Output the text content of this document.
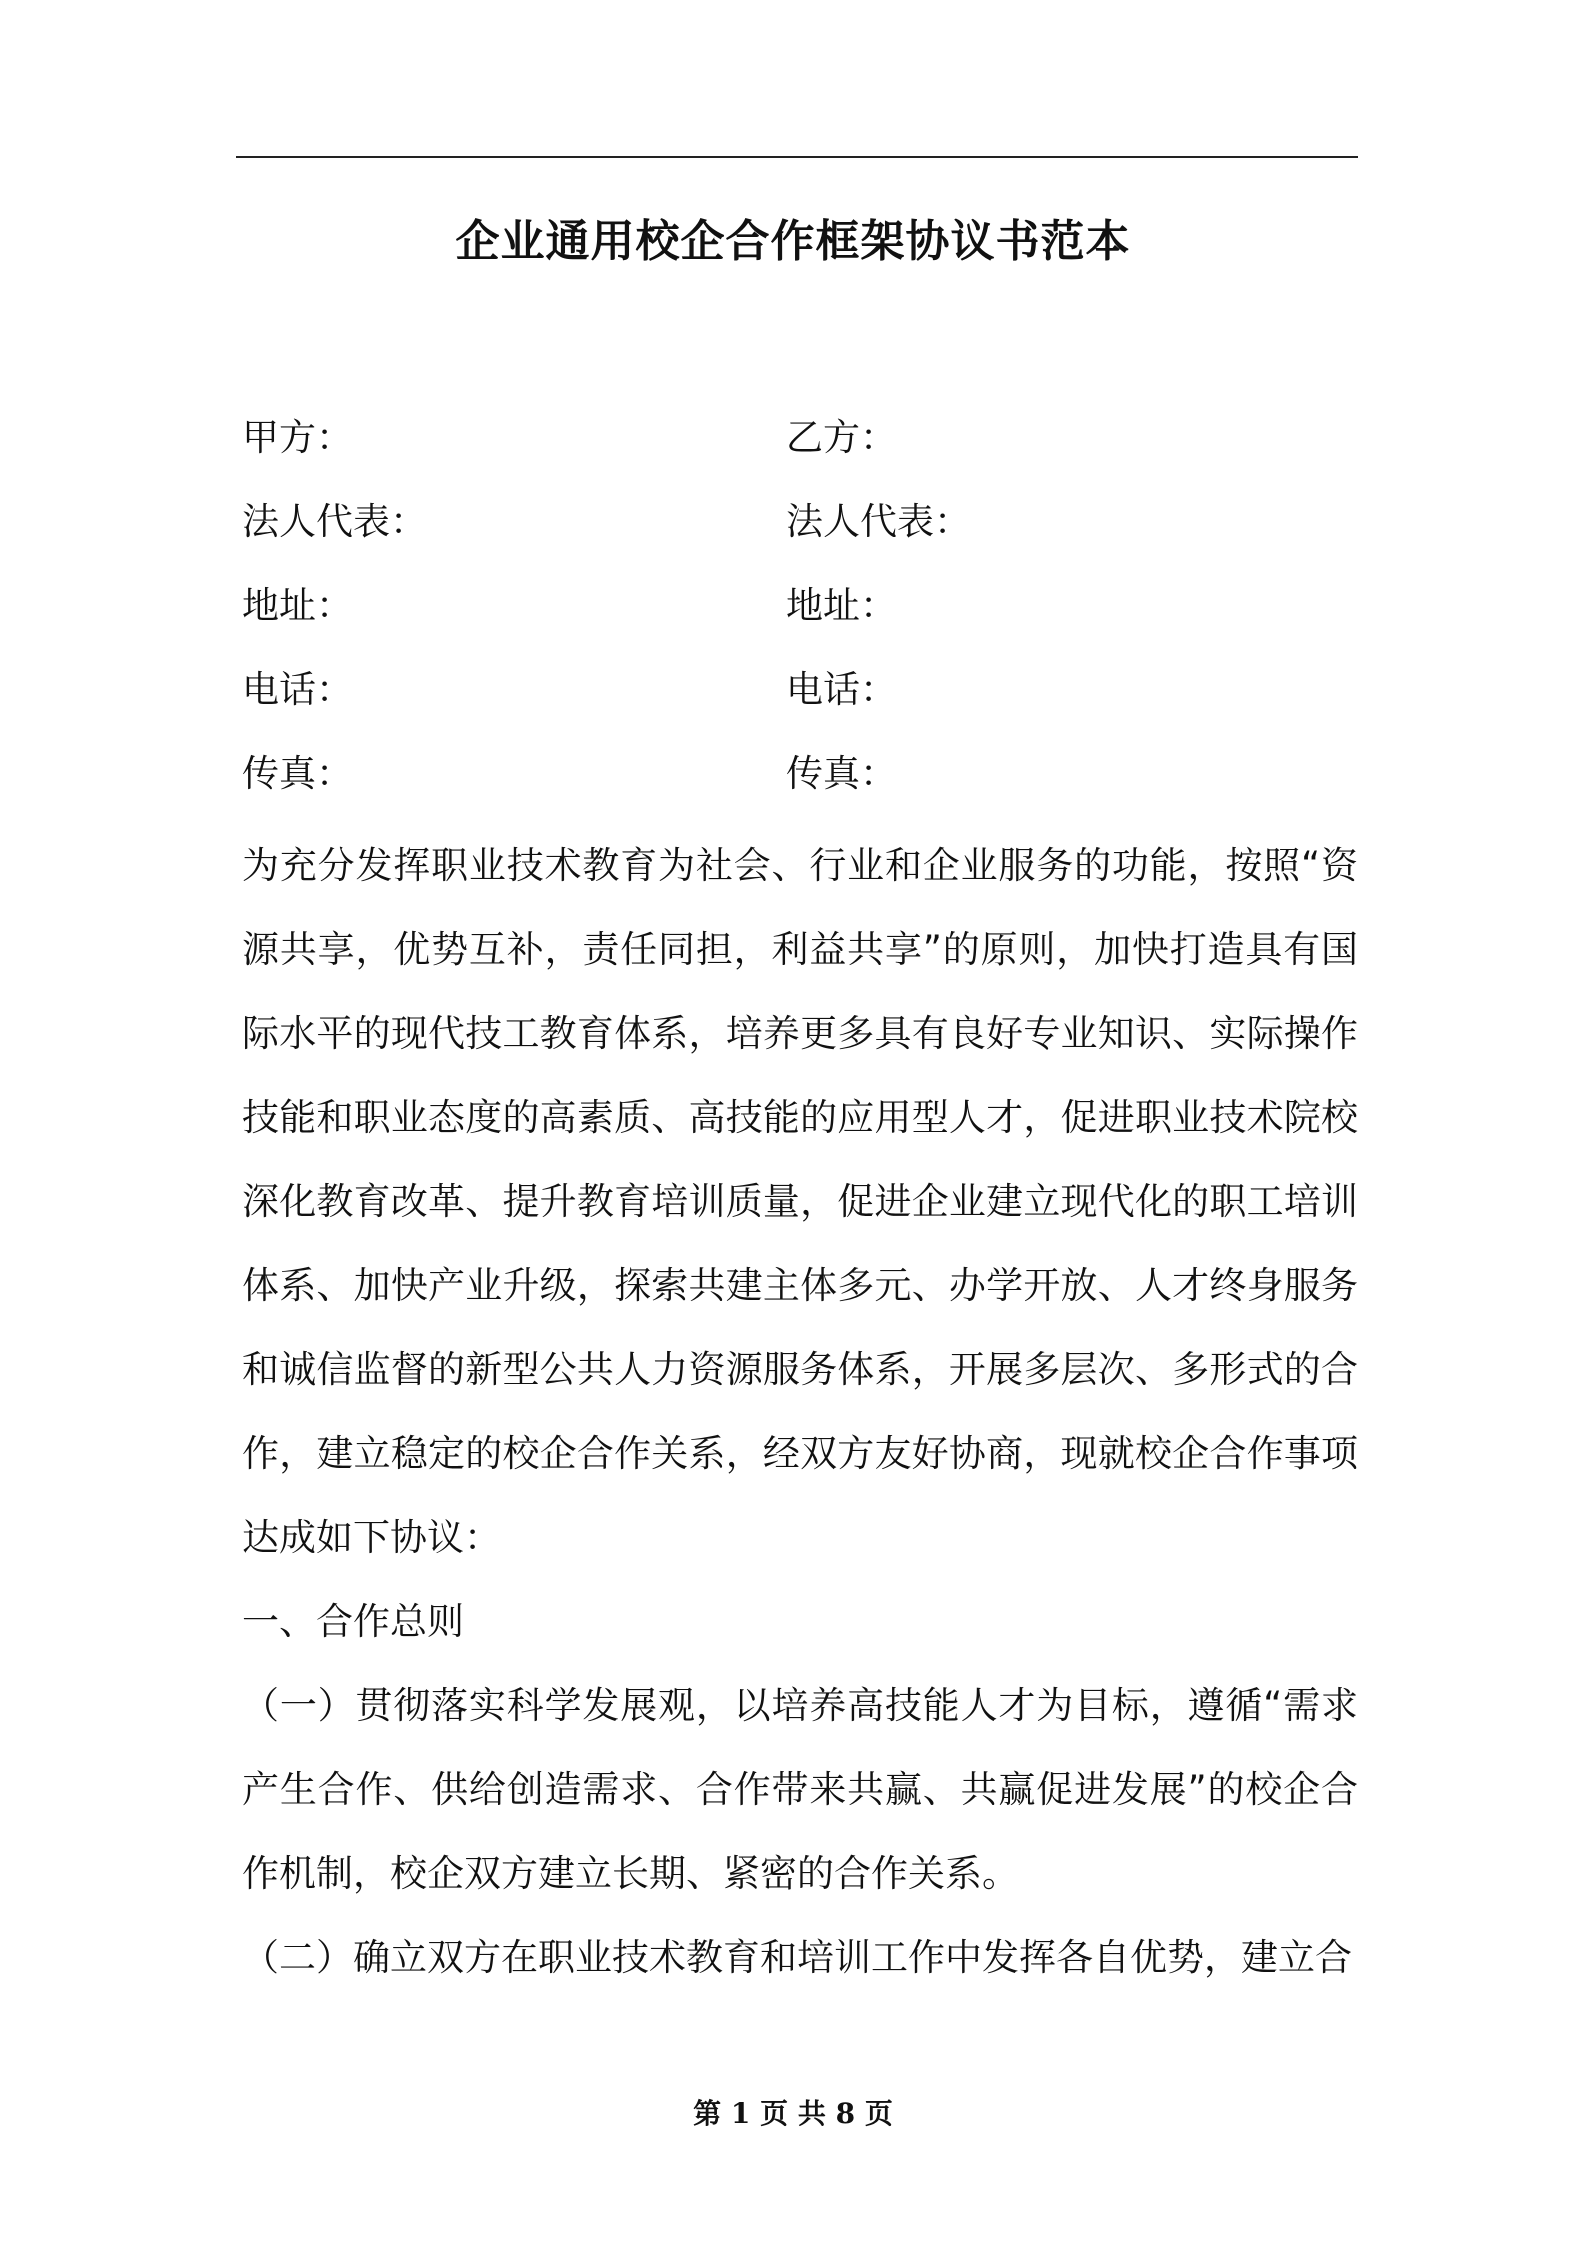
企业通用校企合作框架协议书范本
甲方：	乙方：
法人代表：	法人代表：
地址：	地址：
电话：	电话：
传真：	传真：

为充分发挥职业技术教育为社会、行业和企业服务的功能，按照“资源共享，优势互补，责任同担，利益共享”的原则，加快打造具有国际水平的现代技工教育体系，培养更多具有良好专业知识、实际操作技能和职业态度的高素质、高技能的应用型人才，促进职业技术院校深化教育改革、提升教育培训质量，促进企业建立现代化的职工培训体系、加快产业升级，探索共建主体多元、办学开放、人才终身服务和诚信监督的新型公共人力资源服务体系，开展多层次、多形式的合作，建立稳定的校企合作关系，经双方友好协商，现就校企合作事项达成如下协议：

一、合作总则

（一）贯彻落实科学发展观，以培养高技能人才为目标，遵循“需求产生合作、供给创造需求、合作带来共赢、共赢促进发展”的校企合作机制，校企双方建立长期、紧密的合作关系。

（二）确立双方在职业技术教育和培训工作中发挥各自优势，建立合

第 1 页 共 8 页
